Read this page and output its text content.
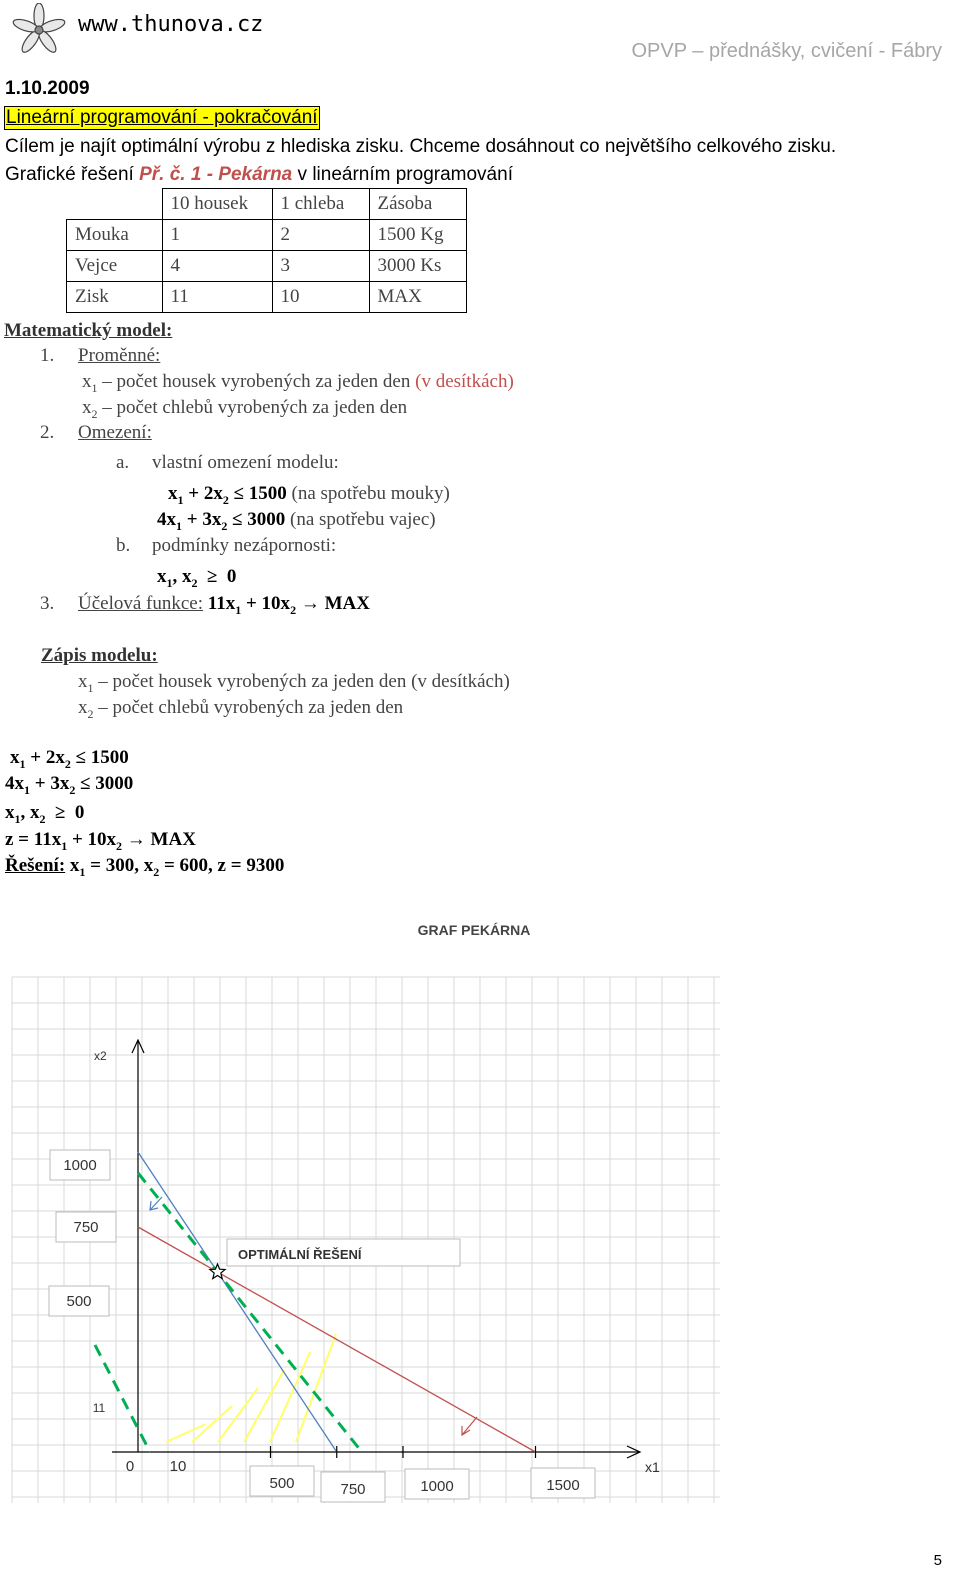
www.thunova.cz
OPVP – přednášky, cvičení - Fábry
1.10.2009
Lineární programování - pokračování
Cílem je najít optimální výrobu z hlediska zisku. Chceme dosáhnout co největšího celkového zisku.
Grafické řešení Př. č. 1 - Pekárna v lineárním programování
	10 housek	1 chleba	Zásoba
Mouka	1	2	1500 Kg
Vejce	4	3	3000 Ks
Zisk	11	10	MAX
Matematický model:
1. Proměnné:
$x_1$ – počet housek vyrobených za jeden den (v desítkách)
$x_2$ – počet chlebů vyrobených za jeden den
2. Omezení:
a. vlastní omezení modelu:
$x_1 + 2x_2 \le 1500$ (na spotřebu mouky)
$4x_1 + 3x_2 \le 3000$ (na spotřebu vajec)
b. podmínky nezápornosti:
$x_1$, $x_2 \ge 0$
3. Účelová funkce: $11x_1 + 10x_2$ → MAX
Zápis modelu:
$x_1$ – počet housek vyrobených za jeden den (v desítkách)
$x_2$ – počet chlebů vyrobených za jeden den
$x_1 + 2x_2 \le 1500$
$4x_1 + 3x_2 \le 3000$
$x_1$, $x_2 \ge 0$
$z = 11x_1 + 10x_2$ → MAX
Řešení: $x_1 = 300$, $x_2 = 600$, z = 9300
GRAF PEKÁRNA
x2
x1
0 10
500	750	1000	1500
1000
750
500
11
OPTIMÁLNÍ ŘEŠENÍ
5
